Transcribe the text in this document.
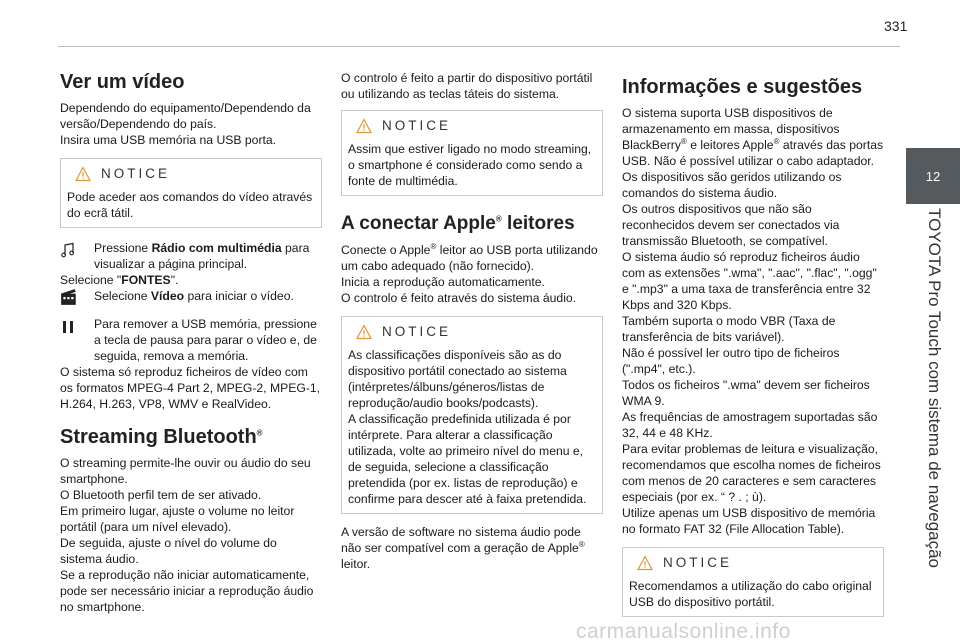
331
12
TOYOTA Pro Touch com sistema de navegação
Ver um vídeo

Dependendo do equipamento/Dependendo da versão/Dependendo do país.

Insira uma USB memória na USB porta.

NOTICE

Pode aceder aos comandos do vídeo através do ecrã tátil.

Pressione Rádio com multimédia para visualizar a página principal.

Selecione "FONTES".

Selecione Vídeo para iniciar o vídeo.
Para remover a USB memória, pressione a tecla de pausa para parar o vídeo e, de seguida, remova a memória.

O sistema só reproduz ficheiros de vídeo com os formatos MPEG-4 Part 2, MPEG-2, MPEG-1, H.264, H.263, VP8, WMV e RealVideo.

Streaming Bluetooth®

O streaming permite-lhe ouvir ou áudio do seu smartphone.

O Bluetooth perfil tem de ser ativado.

Em primeiro lugar, ajuste o volume no leitor portátil (para um nível elevado).

De seguida, ajuste o nível do volume do sistema áudio.

Se a reprodução não iniciar automaticamente, pode ser necessário iniciar a reprodução áudio no smartphone.

O controlo é feito a partir do dispositivo portátil ou utilizando as teclas táteis do sistema.

NOTICE

Assim que estiver ligado no modo streaming, o smartphone é considerado como sendo a fonte de multimédia.

A conectar Apple® leitores

Conecte o Apple® leitor ao USB porta utilizando um cabo adequado (não fornecido).

Inicia a reprodução automaticamente.

O controlo é feito através do sistema áudio.

NOTICE

As classificações disponíveis são as do dispositivo portátil conectado ao sistema (intérpretes/álbuns/géneros/listas de reprodução/audio books/podcasts).

A classificação predefinida utilizada é por intérprete. Para alterar a classificação utilizada, volte ao primeiro nível do menu e, de seguida, selecione a classificação pretendida (por ex. listas de reprodução) e confirme para descer até à faixa pretendida.

A versão de software no sistema áudio pode não ser compatível com a geração de Apple® leitor.

Informações e sugestões

O sistema suporta USB dispositivos de armazenamento em massa, dispositivos BlackBerry® e leitores Apple® através das portas USB. Não é possível utilizar o cabo adaptador.

Os dispositivos são geridos utilizando os comandos do sistema áudio.

Os outros dispositivos que não são reconhecidos devem ser conectados via transmissão Bluetooth, se compatível.

O sistema áudio só reproduz ficheiros áudio com as extensões ".wma", ".aac", ".flac", ".ogg" e ".mp3" a uma taxa de transferência entre 32 Kbps and 320 Kbps.

Também suporta o modo VBR (Taxa de transferência de bits variável).

Não é possível ler outro tipo de ficheiros (".mp4", etc.).

Todos os ficheiros ".wma" devem ser ficheiros WMA 9.

As frequências de amostragem suportadas são 32, 44 e 48 KHz.

Para evitar problemas de leitura e visualização, recomendamos que escolha nomes de ficheiros com menos de 20 caracteres e sem caracteres especiais (por ex. “ ? . ; ù).

Utilize apenas um USB dispositivo de memória no formato FAT 32 (File Allocation Table).

NOTICE

Recomendamos a utilização do cabo original USB do dispositivo portátil.

carmanualsonline.info
